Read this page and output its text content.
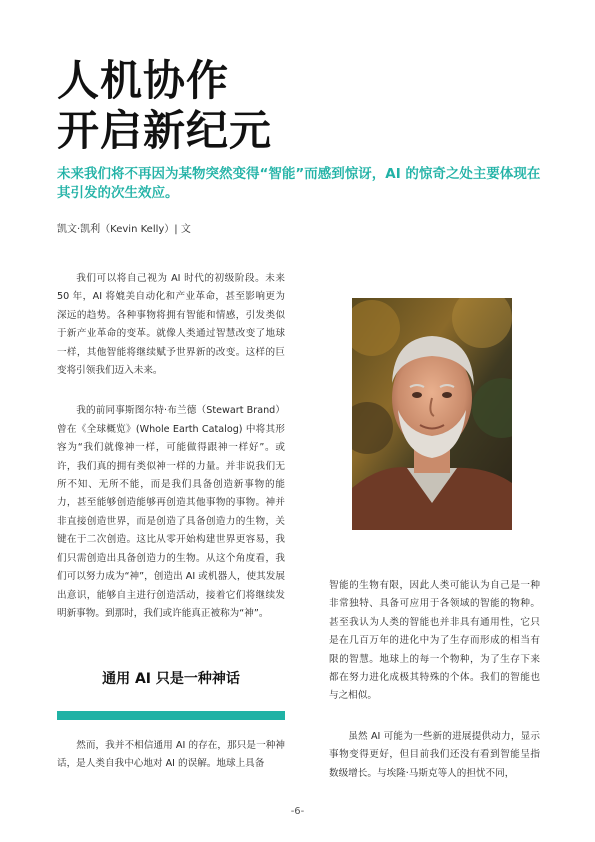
人机协作
开启新纪元

未来我们将不再因为某物突然变得“智能”而感到惊讶，AI 的惊奇之处主要体现在其引发的次生效应。

凯文·凯利（Kevin Kelly）| 文

我们可以将自己视为 AI 时代的初级阶段。未来 50 年，AI 将媲美自动化和产业革命，甚至影响更为深远的趋势。各种事物将拥有智能和情感，引发类似于新产业革命的变革。就像人类通过智慧改变了地球一样，其他智能将继续赋予世界新的改变。这样的巨变将引领我们迈入未来。

我的前同事斯图尔特·布兰德（Stewart Brand）曾在《全球概览》(Whole Earth Catalog) 中将其形容为“我们就像神一样，可能做得跟神一样好”。或许，我们真的拥有类似神一样的力量。并非说我们无所不知、无所不能，而是我们具备创造新事物的能力，甚至能够创造能够再创造其他事物的事物。神并非直接创造世界，而是创造了具备创造力的生物，关键在于二次创造。这比从零开始构建世界更容易，我们只需创造出具备创造力的生物。从这个角度看，我们可以努力成为“神”，创造出 AI 或机器人，使其发展出意识，能够自主进行创造活动，接着它们将继续发明新事物。到那时，我们或许能真正被称为“神”。

通用 AI 只是一种神话

然而，我并不相信通用 AI 的存在，那只是一种神话，是人类自我中心地对 AI 的误解。地球上具备

智能的生物有限，因此人类可能认为自己是一种非常独特、具备可应用于各领域的智能的物种。甚至我认为人类的智能也并非具有通用性，它只是在几百万年的进化中为了生存而形成的相当有限的智慧。地球上的每一个物种，为了生存下来都在努力进化成极其特殊的个体。我们的智能也与之相似。

虽然 AI 可能为一些新的进展提供动力，显示事物变得更好，但目前我们还没有看到智能呈指数级增长。与埃隆·马斯克等人的担忧不同，

-6-
